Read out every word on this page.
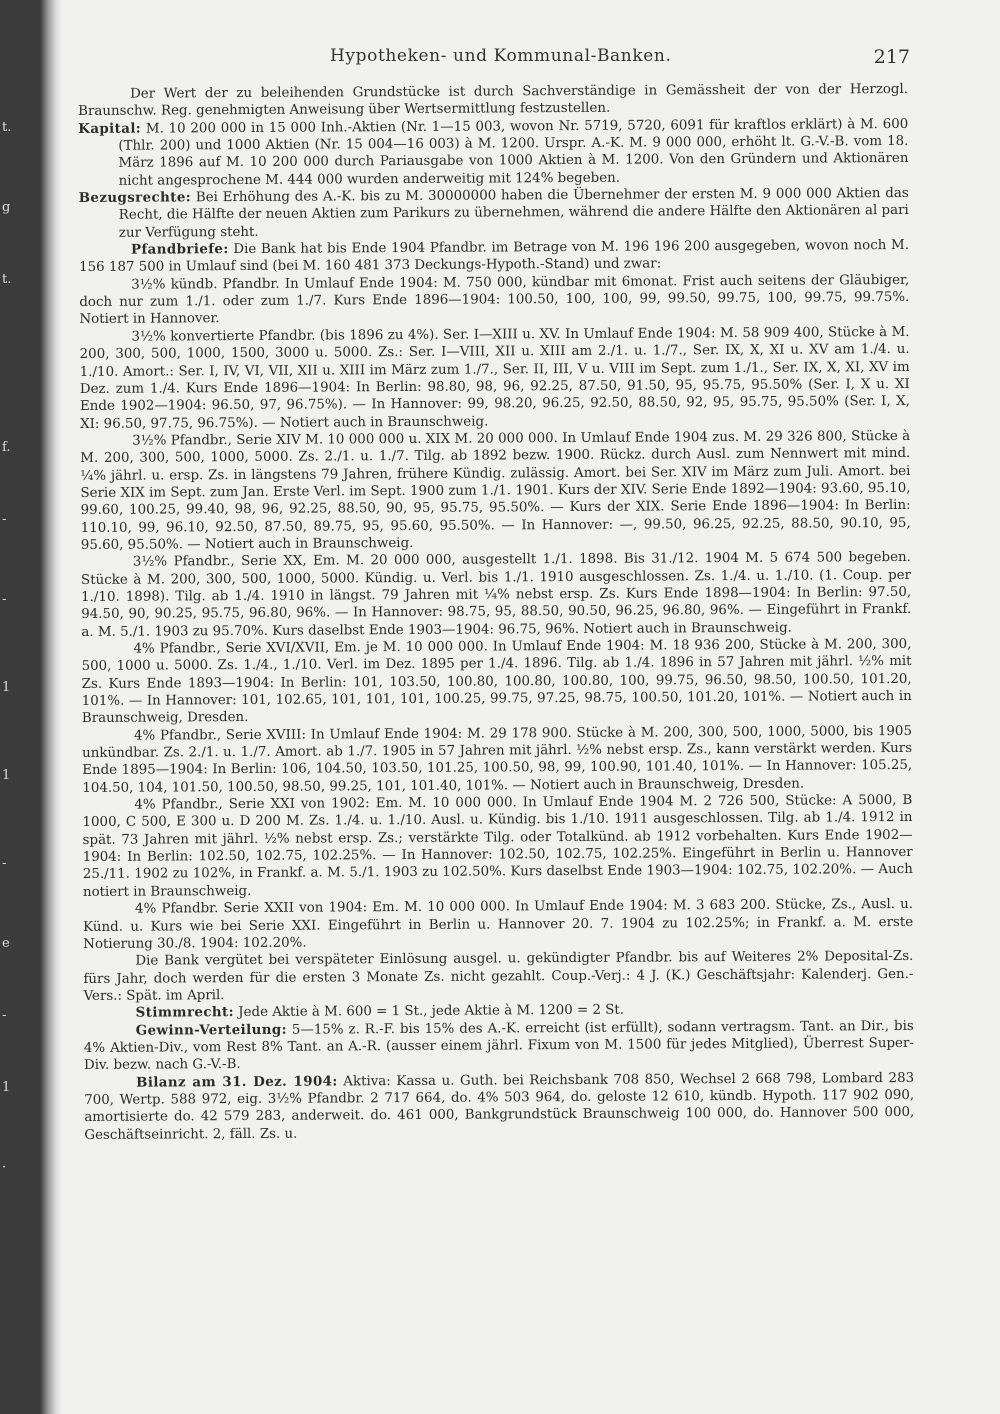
t.
g
t.
f.
-
-
1
1
-
e
-
1
·
Hypotheken- und Kommunal-Banken.	217

Der Wert der zu beleihenden Grundstücke ist durch Sachverständige in Gemässheit der von der Herzogl. Braunschw. Reg. genehmigten Anweisung über Wertsermittlung festzustellen.

Kapital: M. 10 200 000 in 15 000 Inh.-Aktien (Nr. 1—15 003, wovon Nr. 5719, 5720, 6091 für kraftlos erklärt) à M. 600 (Thlr. 200) und 1000 Aktien (Nr. 15 004—16 003) à M. 1200. Urspr. A.-K. M. 9 000 000, erhöht lt. G.-V.-B. vom 18. März 1896 auf M. 10 200 000 durch Pariausgabe von 1000 Aktien à M. 1200. Von den Gründern und Aktionären nicht angesprochene M. 444 000 wurden anderweitig mit 124% begeben.

Bezugsrechte: Bei Erhöhung des A.-K. bis zu M. 30000000 haben die Übernehmer der ersten M. 9 000 000 Aktien das Recht, die Hälfte der neuen Aktien zum Parikurs zu übernehmen, während die andere Hälfte den Aktionären al pari zur Verfügung steht.

Pfandbriefe: Die Bank hat bis Ende 1904 Pfandbr. im Betrage von M. 196 196 200 ausgegeben, wovon noch M. 156 187 500 in Umlauf sind (bei M. 160 481 373 Deckungs-Hypoth.-Stand) und zwar:

3½% kündb. Pfandbr. In Umlauf Ende 1904: M. 750 000, kündbar mit 6monat. Frist auch seitens der Gläubiger, doch nur zum 1./1. oder zum 1./7. Kurs Ende 1896—1904: 100.50, 100, 100, 99, 99.50, 99.75, 100, 99.75, 99.75%. Notiert in Hannover.

3½% konvertierte Pfandbr. (bis 1896 zu 4%). Ser. I—XIII u. XV. In Umlauf Ende 1904: M. 58 909 400, Stücke à M. 200, 300, 500, 1000, 1500, 3000 u. 5000. Zs.: Ser. I—VIII, XII u. XIII am 2./1. u. 1./7., Ser. IX, X, XI u. XV am 1./4. u. 1./10. Amort.: Ser. I, IV, VI, VII, XII u. XIII im März zum 1./7., Ser. II, III, V u. VIII im Sept. zum 1./1., Ser. IX, X, XI, XV im Dez. zum 1./4. Kurs Ende 1896—1904: In Berlin: 98.80, 98, 96, 92.25, 87.50, 91.50, 95, 95.75, 95.50% (Ser. I, X u. XI Ende 1902—1904: 96.50, 97, 96.75%). — In Hannover: 99, 98.20, 96.25, 92.50, 88.50, 92, 95, 95.75, 95.50% (Ser. I, X, XI: 96.50, 97.75, 96.75%). — Notiert auch in Braunschweig.

3½% Pfandbr., Serie XIV M. 10 000 000 u. XIX M. 20 000 000. In Umlauf Ende 1904 zus. M. 29 326 800, Stücke à M. 200, 300, 500, 1000, 5000. Zs. 2./1. u. 1./7. Tilg. ab 1892 bezw. 1900. Rückz. durch Ausl. zum Nennwert mit mind. ¼% jährl. u. ersp. Zs. in längstens 79 Jahren, frühere Kündig. zulässig. Amort. bei Ser. XIV im März zum Juli. Amort. bei Serie XIX im Sept. zum Jan. Erste Verl. im Sept. 1900 zum 1./1. 1901. Kurs der XIV. Serie Ende 1892—1904: 93.60, 95.10, 99.60, 100.25, 99.40, 98, 96, 92.25, 88.50, 90, 95, 95.75, 95.50%. — Kurs der XIX. Serie Ende 1896—1904: In Berlin: 110.10, 99, 96.10, 92.50, 87.50, 89.75, 95, 95.60, 95.50%. — In Hannover: —, 99.50, 96.25, 92.25, 88.50, 90.10, 95, 95.60, 95.50%. — Notiert auch in Braunschweig.

3½% Pfandbr., Serie XX, Em. M. 20 000 000, ausgestellt 1./1. 1898. Bis 31./12. 1904 M. 5 674 500 begeben. Stücke à M. 200, 300, 500, 1000, 5000. Kündig. u. Verl. bis 1./1. 1910 ausgeschlossen. Zs. 1./4. u. 1./10. (1. Coup. per 1./10. 1898). Tilg. ab 1./4. 1910 in längst. 79 Jahren mit ¼% nebst ersp. Zs. Kurs Ende 1898—1904: In Berlin: 97.50, 94.50, 90, 90.25, 95.75, 96.80, 96%. — In Hannover: 98.75, 95, 88.50, 90.50, 96.25, 96.80, 96%. — Eingeführt in Frankf. a. M. 5./1. 1903 zu 95.70%. Kurs daselbst Ende 1903—1904: 96.75, 96%. Notiert auch in Braunschweig.

4% Pfandbr., Serie XVI/XVII, Em. je M. 10 000 000. In Umlauf Ende 1904: M. 18 936 200, Stücke à M. 200, 300, 500, 1000 u. 5000. Zs. 1./4., 1./10. Verl. im Dez. 1895 per 1./4. 1896. Tilg. ab 1./4. 1896 in 57 Jahren mit jährl. ½% mit Zs. Kurs Ende 1893—1904: In Berlin: 101, 103.50, 100.80, 100.80, 100.80, 100, 99.75, 96.50, 98.50, 100.50, 101.20, 101%. — In Hannover: 101, 102.65, 101, 101, 101, 100.25, 99.75, 97.25, 98.75, 100.50, 101.20, 101%. — Notiert auch in Braunschweig, Dresden.

4% Pfandbr., Serie XVIII: In Umlauf Ende 1904: M. 29 178 900. Stücke à M. 200, 300, 500, 1000, 5000, bis 1905 unkündbar. Zs. 2./1. u. 1./7. Amort. ab 1./7. 1905 in 57 Jahren mit jährl. ½% nebst ersp. Zs., kann verstärkt werden. Kurs Ende 1895—1904: In Berlin: 106, 104.50, 103.50, 101.25, 100.50, 98, 99, 100.90, 101.40, 101%. — In Hannover: 105.25, 104.50, 104, 101.50, 100.50, 98.50, 99.25, 101, 101.40, 101%. — Notiert auch in Braunschweig, Dresden.

4% Pfandbr., Serie XXI von 1902: Em. M. 10 000 000. In Umlauf Ende 1904 M. 2 726 500, Stücke: A 5000, B 1000, C 500, E 300 u. D 200 M. Zs. 1./4. u. 1./10. Ausl. u. Kündig. bis 1./10. 1911 ausgeschlossen. Tilg. ab 1./4. 1912 in spät. 73 Jahren mit jährl. ½% nebst ersp. Zs.; verstärkte Tilg. oder Totalkünd. ab 1912 vorbehalten. Kurs Ende 1902—1904: In Berlin: 102.50, 102.75, 102.25%. — In Hannover: 102.50, 102.75, 102.25%. Eingeführt in Berlin u. Hannover 25./11. 1902 zu 102%, in Frankf. a. M. 5./1. 1903 zu 102.50%. Kurs daselbst Ende 1903—1904: 102.75, 102.20%. — Auch notiert in Braunschweig.

4% Pfandbr. Serie XXII von 1904: Em. M. 10 000 000. In Umlauf Ende 1904: M. 3 683 200. Stücke, Zs., Ausl. u. Künd. u. Kurs wie bei Serie XXI. Eingeführt in Berlin u. Hannover 20. 7. 1904 zu 102.25%; in Frankf. a. M. erste Notierung 30./8. 1904: 102.20%.

Die Bank vergütet bei verspäteter Einlösung ausgel. u. gekündigter Pfandbr. bis auf Weiteres 2% Deposital-Zs. fürs Jahr, doch werden für die ersten 3 Monate Zs. nicht gezahlt. Coup.-Verj.: 4 J. (K.) Geschäftsjahr: Kalenderj. Gen.-Vers.: Spät. im April.

Stimmrecht: Jede Aktie à M. 600 = 1 St., jede Aktie à M. 1200 = 2 St.

Gewinn-Verteilung: 5—15% z. R.-F. bis 15% des A.-K. erreicht (ist erfüllt), sodann vertragsm. Tant. an Dir., bis 4% Aktien-Div., vom Rest 8% Tant. an A.-R. (ausser einem jährl. Fixum von M. 1500 für jedes Mitglied), Überrest Super-Div. bezw. nach G.-V.-B.

Bilanz am 31. Dez. 1904: Aktiva: Kassa u. Guth. bei Reichsbank 708 850, Wechsel 2 668 798, Lombard 283 700, Wertp. 588 972, eig. 3½% Pfandbr. 2 717 664, do. 4% 503 964, do. geloste 12 610, kündb. Hypoth. 117 902 090, amortisierte do. 42 579 283, anderweit. do. 461 000, Bankgrundstück Braunschweig 100 000, do. Hannover 500 000, Geschäftseinricht. 2, fäll. Zs. u.
